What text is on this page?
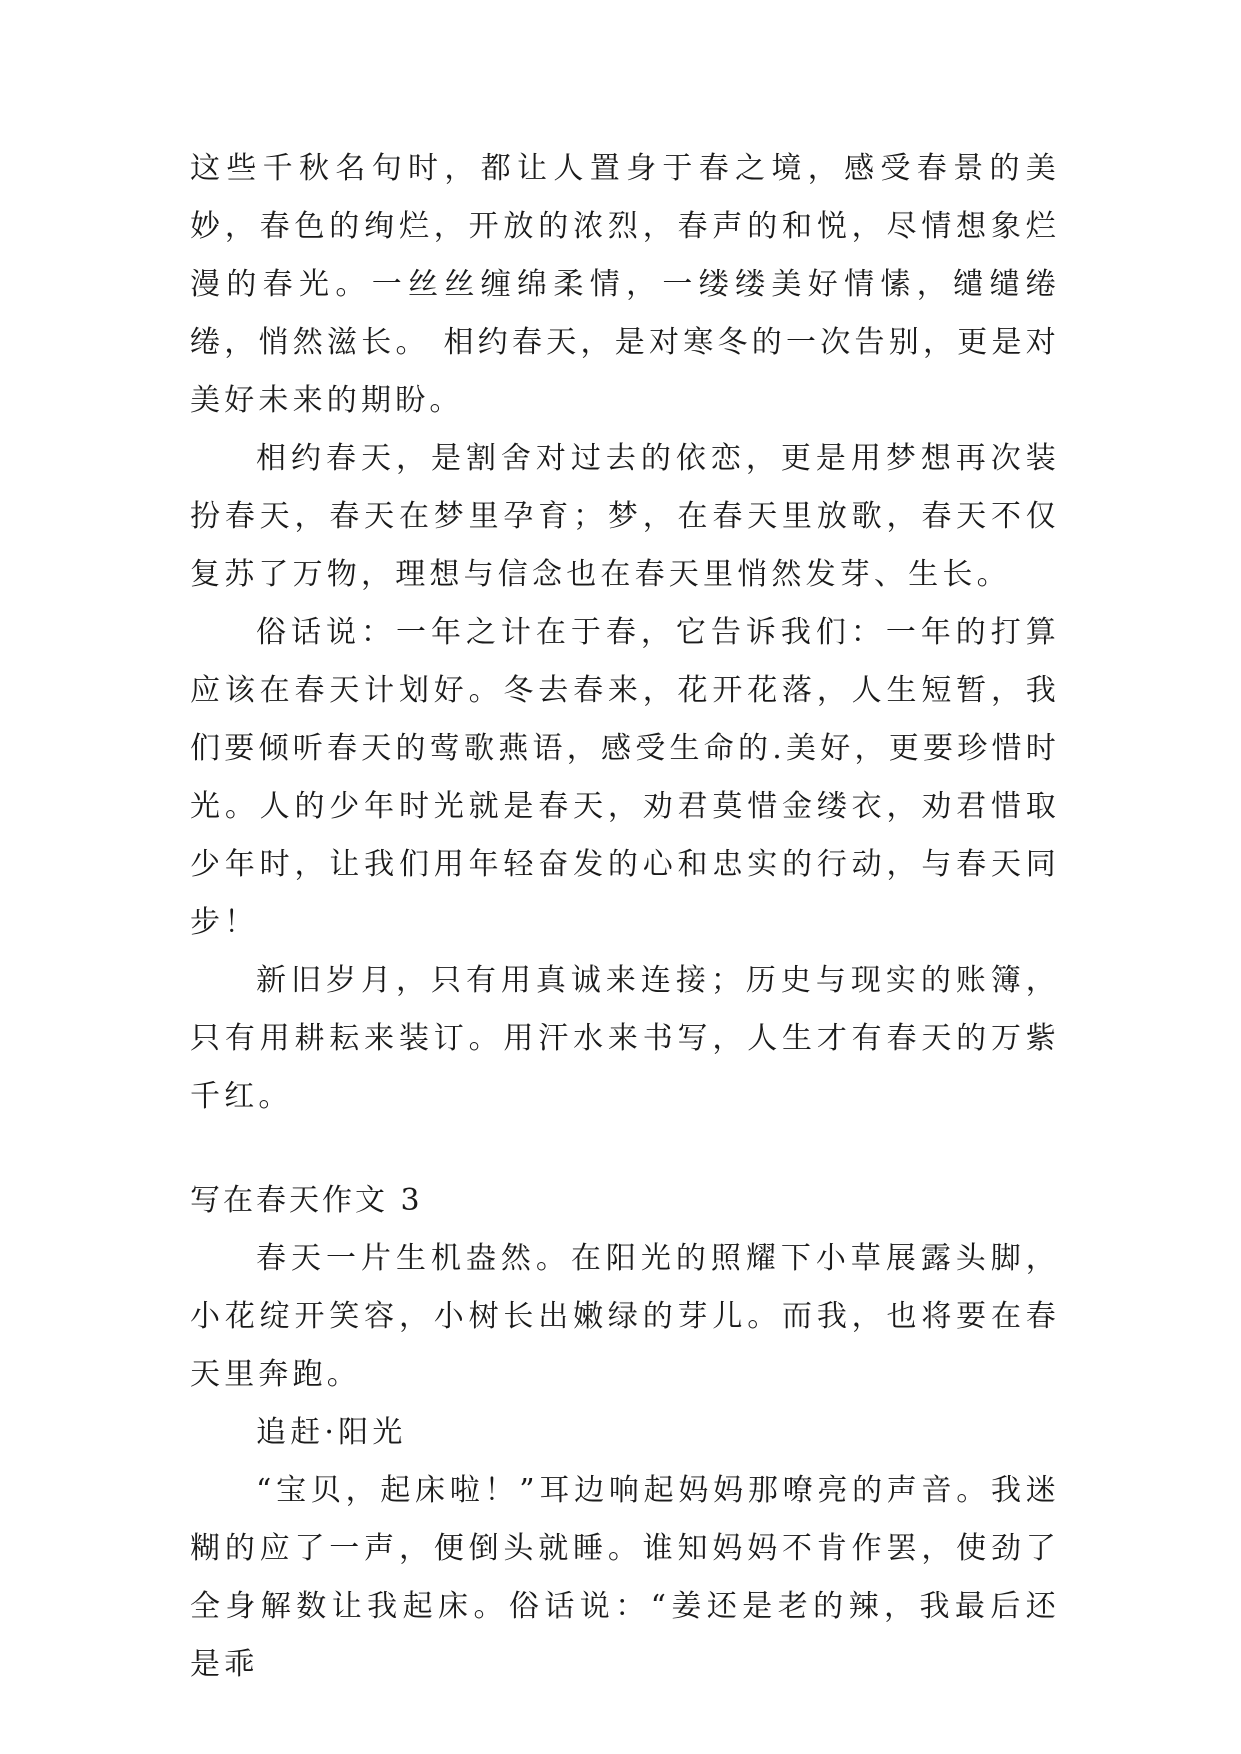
这些千秋名句时，都让人置身于春之境，感受春景的美妙，春色的绚烂，开放的浓烈，春声的和悦，尽情想象烂漫的春光。一丝丝缠绵柔情，一缕缕美好情愫，缱缱绻绻，悄然滋长。 相约春天，是对寒冬的一次告别，更是对美好未来的期盼。

相约春天，是割舍对过去的依恋，更是用梦想再次装扮春天，春天在梦里孕育；梦，在春天里放歌，春天不仅复苏了万物，理想与信念也在春天里悄然发芽、生长。

俗话说：一年之计在于春，它告诉我们：一年的打算应该在春天计划好。冬去春来，花开花落，人生短暂，我们要倾听春天的莺歌燕语，感受生命的.美好，更要珍惜时光。人的少年时光就是春天，劝君莫惜金缕衣，劝君惜取少年时，让我们用年轻奋发的心和忠实的行动，与春天同步！

新旧岁月，只有用真诚来连接；历史与现实的账簿，只有用耕耘来装订。用汗水来书写，人生才有春天的万紫千红。

写在春天作文 3

春天一片生机盎然。在阳光的照耀下小草展露头脚，小花绽开笑容，小树长出嫩绿的芽儿。而我，也将要在春天里奔跑。

追赶·阳光

“宝贝，起床啦！”耳边响起妈妈那嘹亮的声音。我迷糊的应了一声，便倒头就睡。谁知妈妈不肯作罢，使劲了全身解数让我起床。俗话说：“姜还是老的辣，我最后还是乖
